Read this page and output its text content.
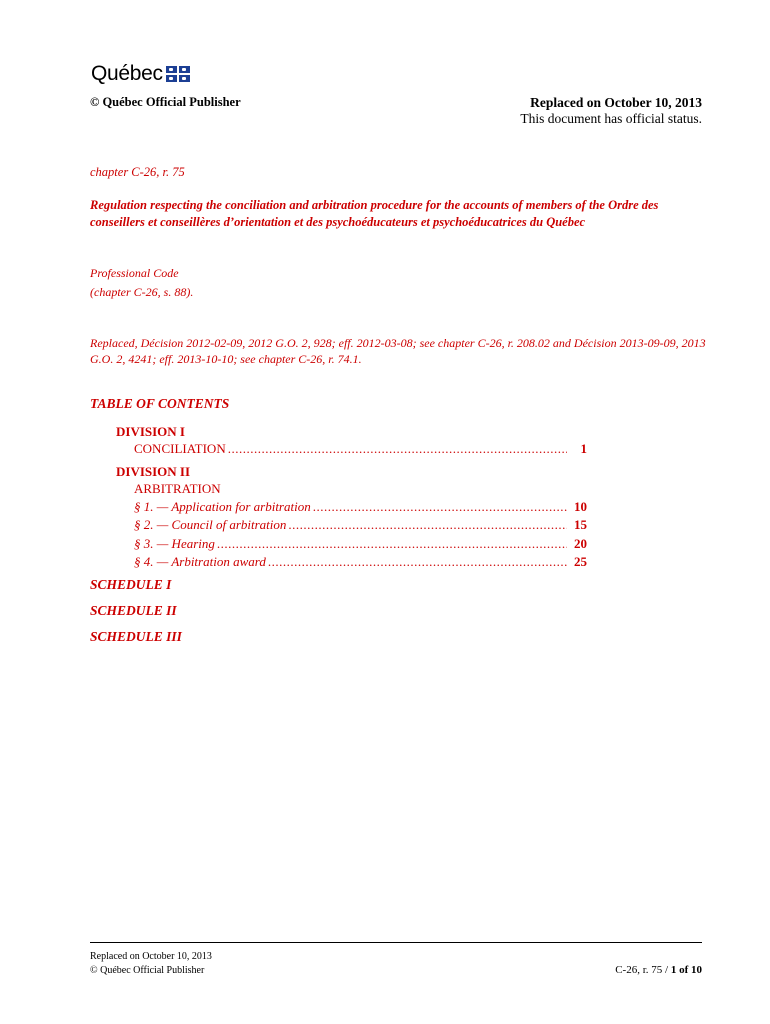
Québec
© Québec Official Publisher	Replaced on October 10, 2013
This document has official status.
chapter C-26, r. 75
Regulation respecting the conciliation and arbitration procedure for the accounts of members of the Ordre des conseillers et conseillères d’orientation et des psychoéducateurs et psychoéducatrices du Québec
Professional Code
(chapter C-26, s. 88).
Replaced, Décision 2012-02-09, 2012 G.O. 2, 928; eff. 2012-03-08; see chapter C-26, r. 208.02 and Décision 2013-09-09, 2013 G.O. 2, 4241; eff. 2013-10-10; see chapter C-26, r. 74.1.
TABLE OF CONTENTS
DIVISION I
CONCILIATION .....	1
DIVISION II
ARBITRATION
§ 1. — Application for arbitration .....	10
§ 2. — Council of arbitration .....	15
§ 3. — Hearing .....	20
§ 4. — Arbitration award .....	25
SCHEDULE I
SCHEDULE II
SCHEDULE III
Replaced on October 10, 2013
© Québec Official Publisher	C-26, r. 75 / 1 of 10
